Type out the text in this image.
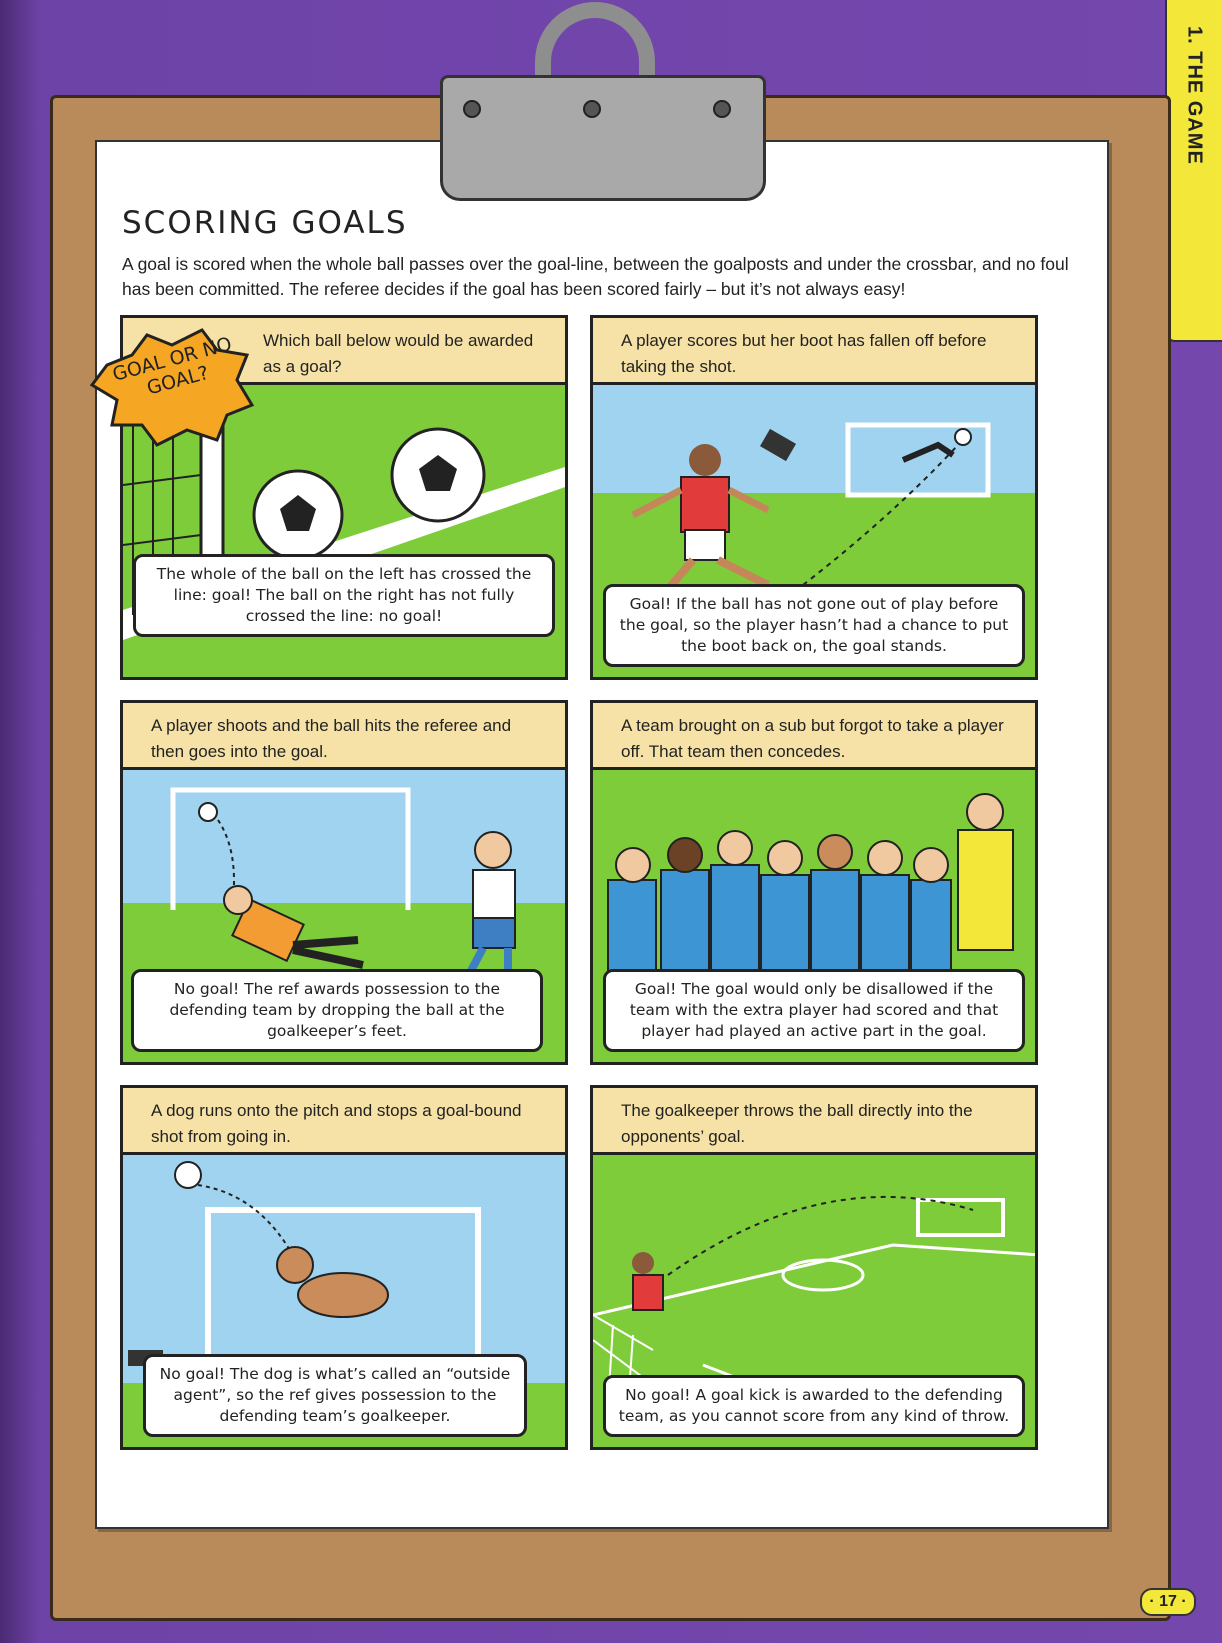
1. THE GAME
SCORING GOALS
A goal is scored when the whole ball passes over the goal-line, between the goalposts and under the crossbar, and no foul has been committed. The referee decides if the goal has been scored fairly – but it’s not always easy!
Which ball below would be awarded as a goal?
The whole of the ball on the left has crossed the line: goal! The ball on the right has not fully crossed the line: no goal!
GOAL OR NO GOAL?
A player scores but her boot has fallen off before taking the shot.
Goal! If the ball has not gone out of play before the goal, so the player hasn’t had a chance to put the boot back on, the goal stands.
A player shoots and the ball hits the referee and then goes into the goal.
No goal! The ref awards possession to the defending team by dropping the ball at the goalkeeper’s feet.
A team brought on a sub but forgot to take a player off. That team then concedes.
Goal! The goal would only be disallowed if the team with the extra player had scored and that player had played an active part in the goal.
A dog runs onto the pitch and stops a goal-bound shot from going in.
No goal! The dog is what’s called an “outside agent”, so the ref gives possession to the defending team’s goalkeeper.
The goalkeeper throws the ball directly into the opponents’ goal.
No goal! A goal kick is awarded to the defending team, as you cannot score from any kind of throw.
· 17 ·
